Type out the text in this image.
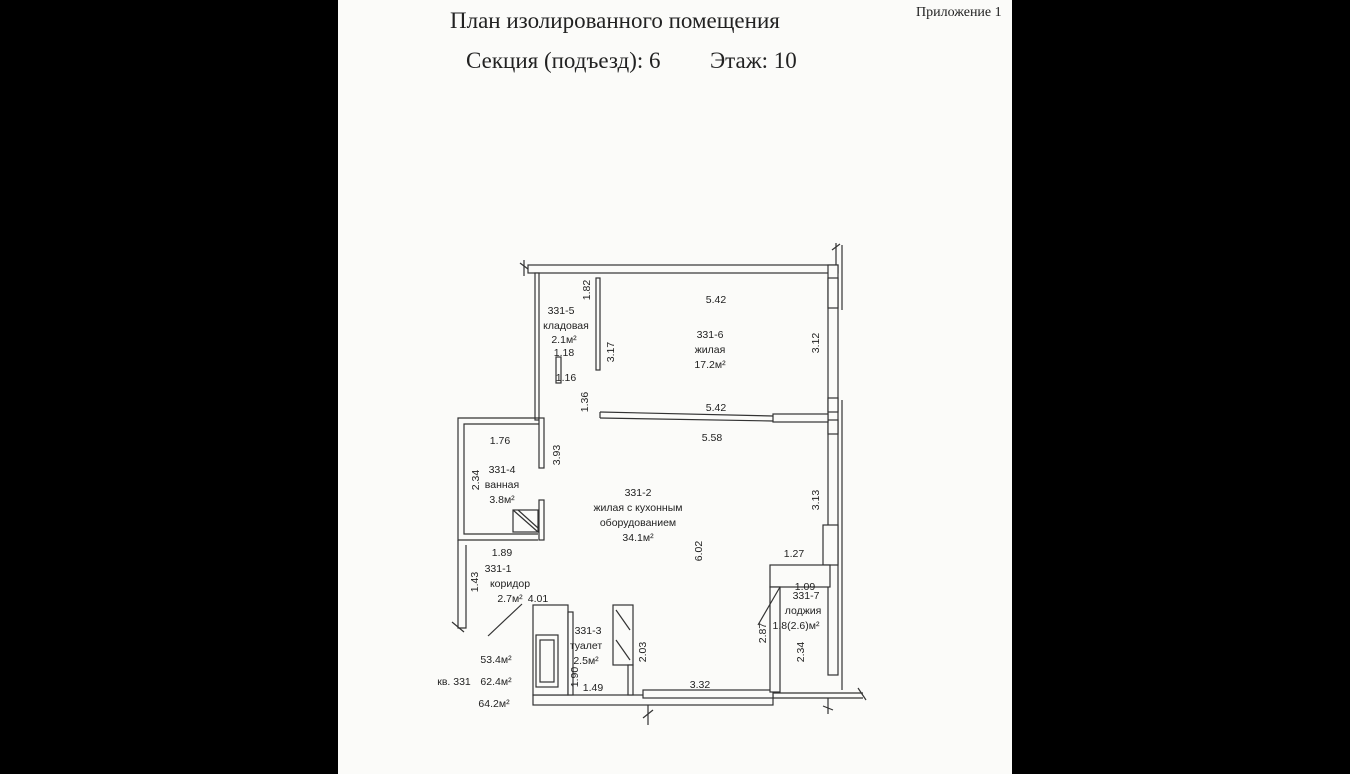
План изолированного помещения
Секция (подъезд): 6 Этаж: 10
Приложение 1
331-5
кладовая
2.1м²	331-6
жилая
17.2м²
331-4
ванная
3.8м²
331-2
жилая с кухонным
оборудованием
34.1м²
331-1
коридор
2.7м²
331-3
туалет
2.5м²
331-7
лоджия
1.8(2.6)м²
1.82	5.42
3.12
3.17
1.18
1.16
1.36	5.42
5.58
1.76
3.93
2.34
3.13
6.02
1.89	1.27
1.09
1.43
4.01
2.87
2.03	2.34
1.90
1.49	3.32
53.4м²
кв. 331 62.4м²
64.2м²
